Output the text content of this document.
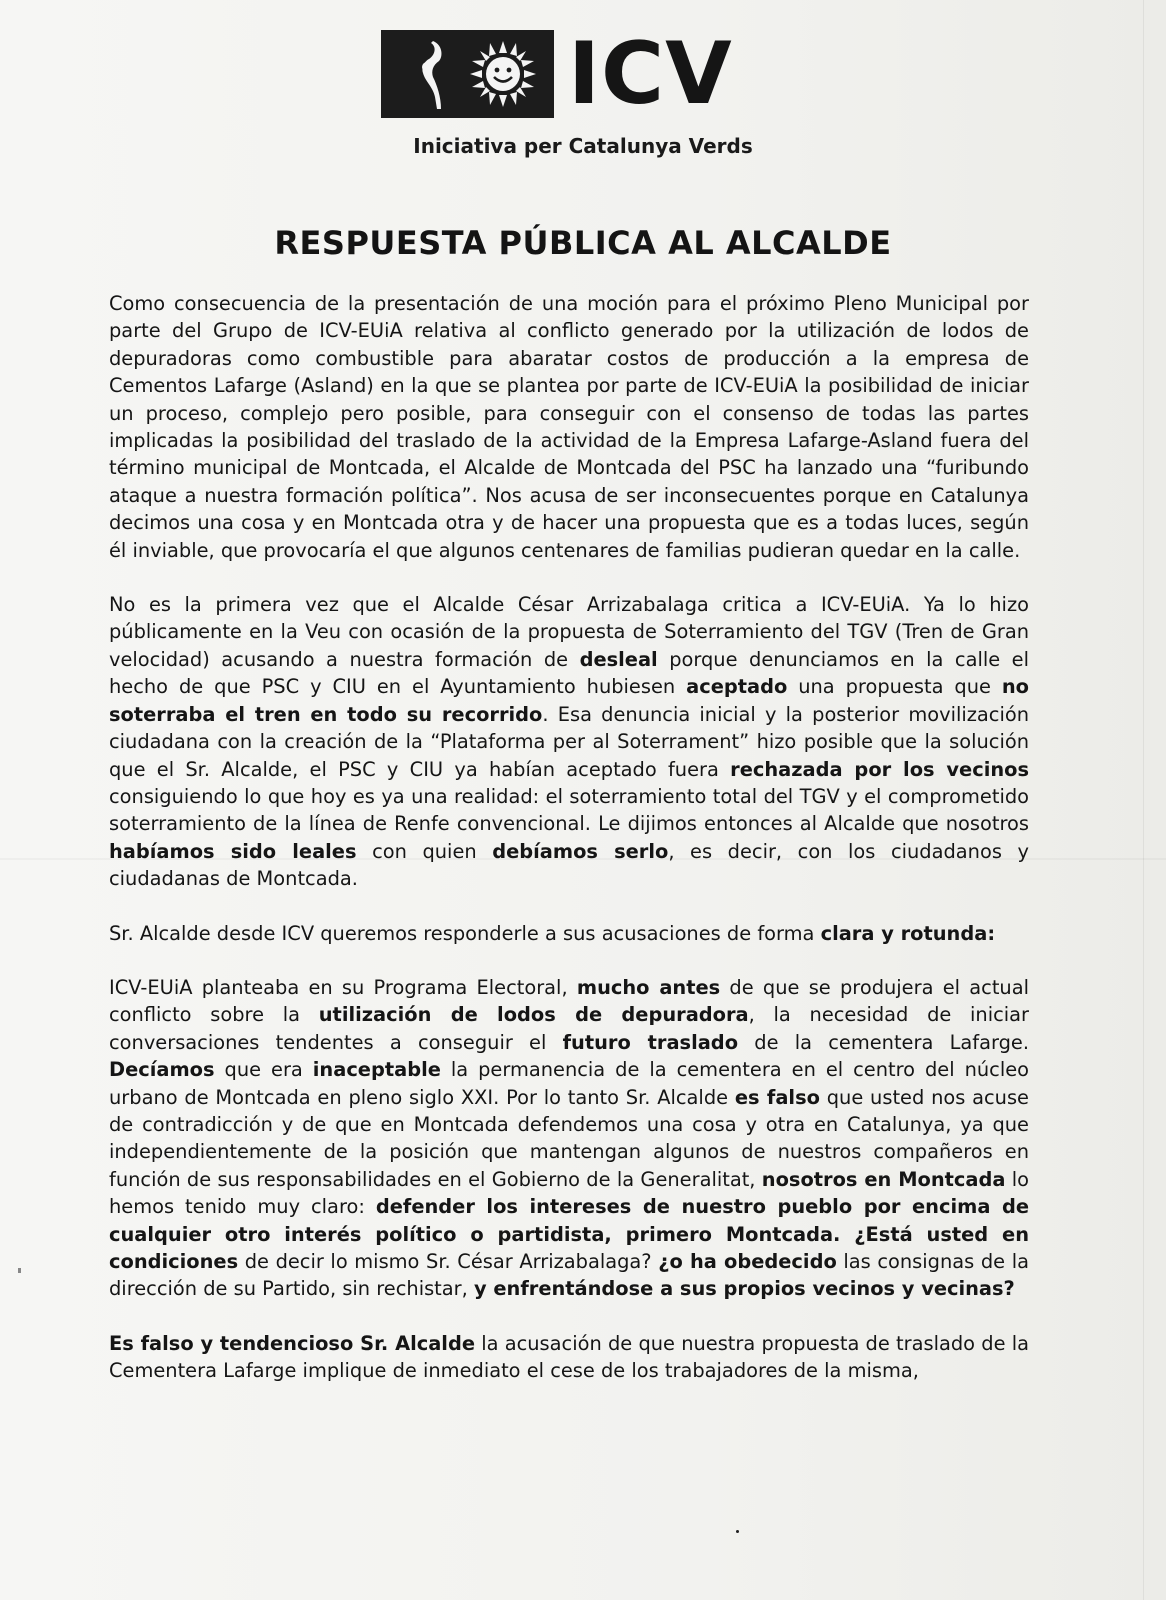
ICV
Iniciativa per Catalunya Verds
RESPUESTA PÚBLICA AL ALCALDE

Como consecuencia de la presentación de una moción para el próximo Pleno Municipal por parte del Grupo de ICV-EUiA relativa al conflicto generado por la utilización de lodos de depuradoras como combustible para abaratar costos de producción a la empresa de Cementos Lafarge (Asland) en la que se plantea por parte de ICV-EUiA la posibilidad de iniciar un proceso, complejo pero posible, para conseguir con el consenso de todas las partes implicadas la posibilidad del traslado de la actividad de la Empresa Lafarge-Asland fuera del término municipal de Montcada, el Alcalde de Montcada del PSC ha lanzado una “furibundo ataque a nuestra formación política”. Nos acusa de ser inconsecuentes porque en Catalunya decimos una cosa y en Montcada otra y de hacer una propuesta que es a todas luces, según él inviable, que provocaría el que algunos centenares de familias pudieran quedar en la calle.

No es la primera vez que el Alcalde César Arrizabalaga critica a ICV-EUiA. Ya lo hizo públicamente en la Veu con ocasión de la propuesta de Soterramiento del TGV (Tren de Gran velocidad) acusando a nuestra formación de desleal porque denunciamos en la calle el hecho de que PSC y CIU en el Ayuntamiento hubiesen aceptado una propuesta que no soterraba el tren en todo su recorrido. Esa denuncia inicial y la posterior movilización ciudadana con la creación de la “Plataforma per al Soterrament” hizo posible que la solución que el Sr. Alcalde, el PSC y CIU ya habían aceptado fuera rechazada por los vecinos consiguiendo lo que hoy es ya una realidad: el soterramiento total del TGV y el comprometido soterramiento de la línea de Renfe convencional. Le dijimos entonces al Alcalde que nosotros habíamos sido leales con quien debíamos serlo, es decir, con los ciudadanos y ciudadanas de Montcada.

Sr. Alcalde desde ICV queremos responderle a sus acusaciones de forma clara y rotunda:

ICV-EUiA planteaba en su Programa Electoral, mucho antes de que se produjera el actual conflicto sobre la utilización de lodos de depuradora, la necesidad de iniciar conversaciones tendentes a conseguir el futuro traslado de la cementera Lafarge. Decíamos que era inaceptable la permanencia de la cementera en el centro del núcleo urbano de Montcada en pleno siglo XXI. Por lo tanto Sr. Alcalde es falso que usted nos acuse de contradicción y de que en Montcada defendemos una cosa y otra en Catalunya, ya que independientemente de la posición que mantengan algunos de nuestros compañeros en función de sus responsabilidades en el Gobierno de la Generalitat, nosotros en Montcada lo hemos tenido muy claro: defender los intereses de nuestro pueblo por encima de cualquier otro interés político o partidista, primero Montcada. ¿Está usted en condiciones de decir lo mismo Sr. César Arrizabalaga? ¿o ha obedecido las consignas de la dirección de su Partido, sin rechistar, y enfrentándose a sus propios vecinos y vecinas?

Es falso y tendencioso Sr. Alcalde la acusación de que nuestra propuesta de traslado de la Cementera Lafarge implique de inmediato el cese de los trabajadores de la misma,
